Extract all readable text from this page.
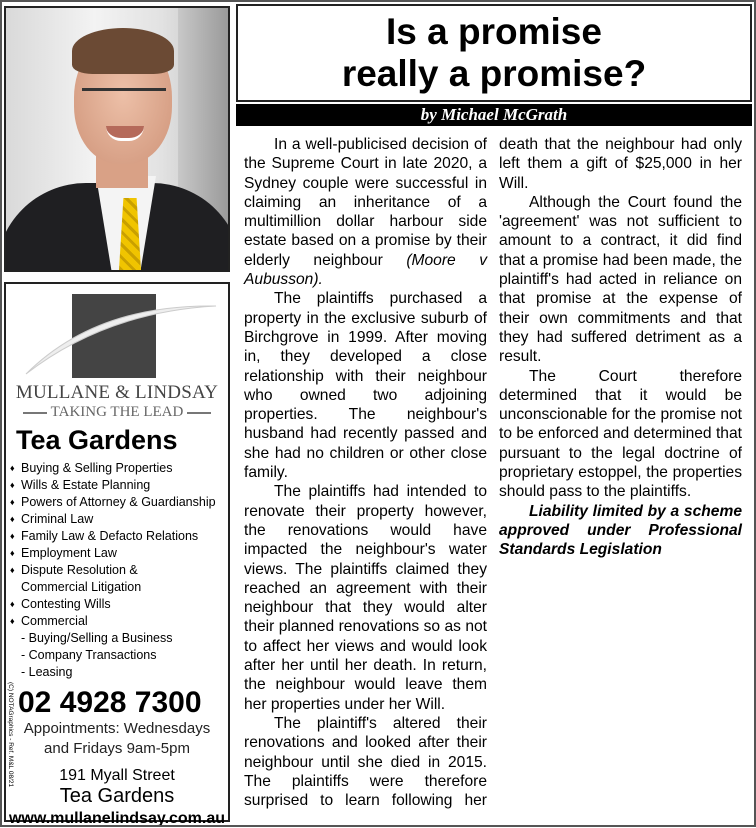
MULLANE & LINDSAY
TAKING THE LEAD
Tea Gardens
♦ Buying & Selling Properties
♦ Wills & Estate Planning
♦ Powers of Attorney & Guardianship
♦ Criminal Law
♦ Family Law & Defacto Relations
♦ Employment Law
♦ Dispute Resolution &
Commercial Litigation
♦ Contesting Wills
♦ Commercial
- Buying/Selling a Business
- Company Transactions
- Leasing
02 4928 7300
Appointments: Wednesdays
and Fridays 9am-5pm
191 Myall Street
Tea Gardens
www.mullanelindsay.com.au
(C) NOTAGraphics - Ref. M&L 08/21
Is a promise
really a promise?
by Michael McGrath

In a well-publicised decision of the Supreme Court in late 2020, a Sydney couple were successful in claiming an inheritance of a multimillion dollar harbour side estate based on a promise by their elderly neighbour (Moore v Aubusson).

The plaintiffs purchased a property in the exclusive suburb of Birchgrove in 1999. After moving in, they developed a close relationship with their neighbour who owned two adjoining properties. The neighbour's husband had recently passed and she had no children or other close family.

The plaintiffs had intended to renovate their property however, the renovations would have impacted the neighbour's water views. The plaintiffs claimed they reached an agreement with their neighbour that they would alter their planned renovations so as not to affect her views and would look after her until her death. In return, the neighbour would leave them her properties under her Will.

The plaintiff's altered their renovations and looked after their neighbour until she died in 2015. The plaintiffs were therefore surprised to learn following her death that the neighbour had only left them a gift of $25,000 in her Will.

Although the Court found the 'agreement' was not sufficient to amount to a contract, it did find that a promise had been made, the plaintiff's had acted in reliance on that promise at the expense of their own commitments and that they had suffered detriment as a result.

The Court therefore determined that it would be unconscionable for the promise not to be enforced and determined that pursuant to the legal doctrine of proprietary estoppel, the properties should pass to the plaintiffs.

Liability limited by a scheme approved under Professional Standards Legislation
